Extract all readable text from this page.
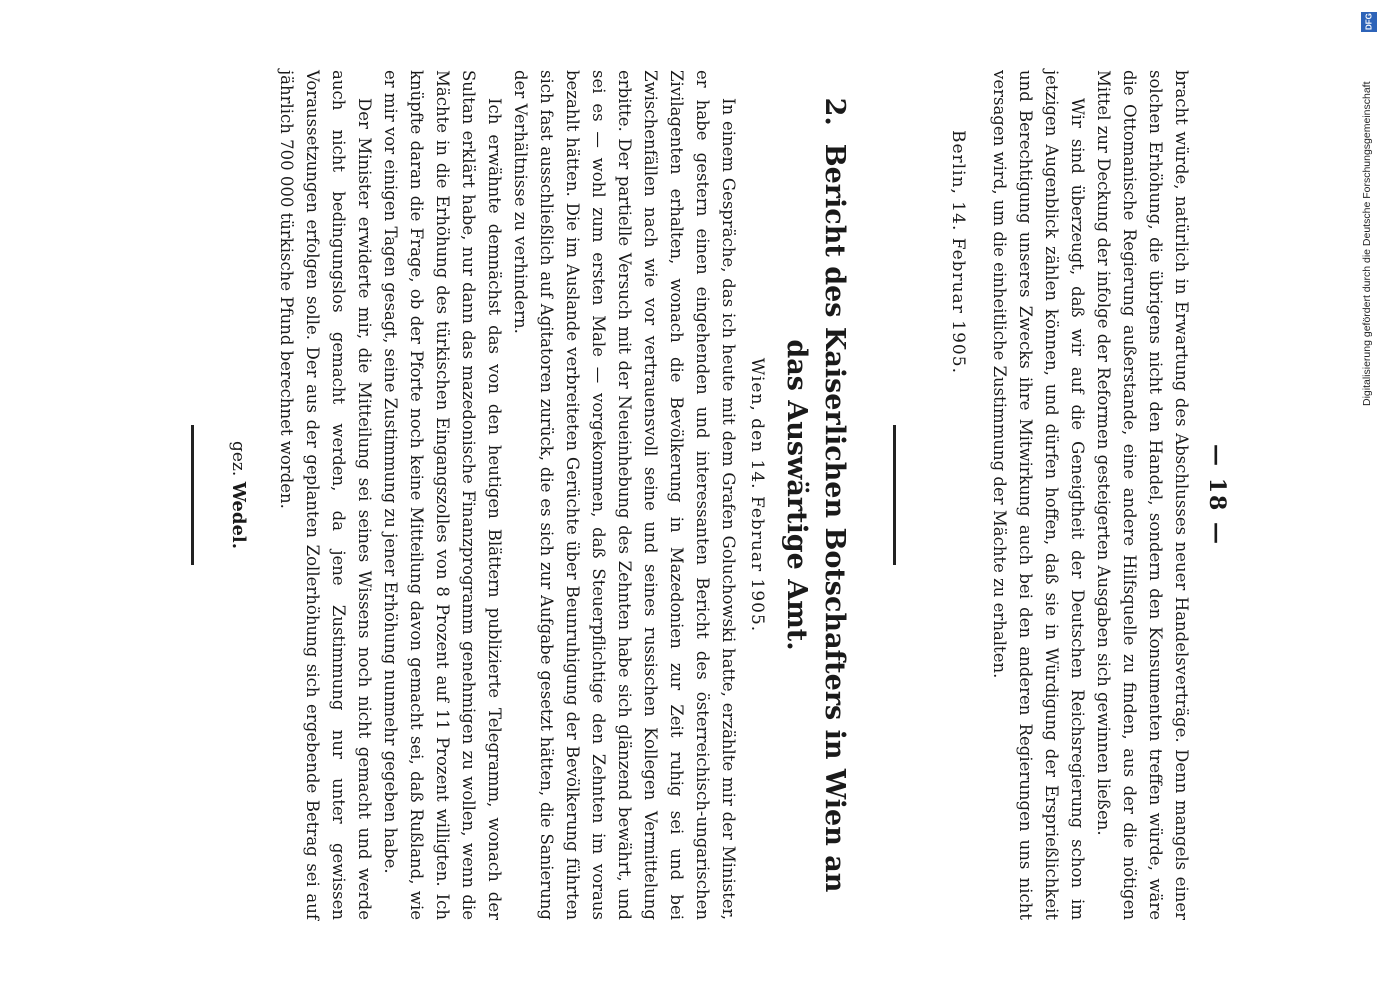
— 18 —

bracht würde, natürlich in Erwartung des Abschlusses neuer Handelsverträge. Denn mangels einer solchen Erhöhung, die übrigens nicht den Handel, sondern den Konsumenten treffen würde, wäre die Ottomanische Regierung außerstande, eine andere Hilfsquelle zu finden, aus der die nötigen Mittel zur Deckung der infolge der Reformen gesteigerten Ausgaben sich gewinnen ließen.

Wir sind überzeugt, daß wir auf die Geneigtheit der Deutschen Reichsregierung schon im jetzigen Augenblick zählen können, und dürfen hoffen, daß sie in Würdigung der Ersprießlichkeit und Berechtigung unseres Zwecks ihre Mitwirkung auch bei den anderen Regierungen uns nicht versagen wird, um die einheitliche Zustimmung der Mächte zu erhalten.

Berlin, 14. Februar 1905.
2.Bericht des Kaiserlichen Botschafters in Wien an das Auswärtige Amt.
Wien, den 14. Februar 1905.

In einem Gespräche, das ich heute mit dem Grafen Goluchowski hatte, erzählte mir der Minister, er habe gestern einen eingehenden und interessanten Bericht des österreichisch-ungarischen Zivilagenten erhalten, wonach die Bevölkerung in Mazedonien zur Zeit ruhig sei und bei Zwischenfällen nach wie vor vertrauensvoll seine und seines russischen Kollegen Vermittelung erbitte. Der partielle Versuch mit der Neueinhebung des Zehnten habe sich glänzend bewährt, und sei es — wohl zum ersten Male — vorgekommen, daß Steuerpflichtige den Zehnten im voraus bezahlt hätten. Die im Auslande verbreiteten Gerüchte über Beunruhigung der Bevölkerung führten sich fast ausschließlich auf Agitatoren zurück, die es sich zur Aufgabe gesetzt hätten, die Sanierung der Verhältnisse zu verhindern.

Ich erwähnte demnächst das von den heutigen Blättern publizierte Telegramm, wonach der Sultan erklärt habe, nur dann das mazedonische Finanzprogramm genehmigen zu wollen, wenn die Mächte in die Erhöhung des türkischen Eingangszolles von 8 Prozent auf 11 Prozent willigten. Ich knüpfte daran die Frage, ob der Pforte noch keine Mitteilung davon gemacht sei, daß Rußland, wie er mir vor einigen Tagen gesagt, seine Zustimmung zu jener Erhöhung nunmehr gegeben habe.

Der Minister erwiderte mir, die Mitteilung sei seines Wissens noch nicht gemacht und werde auch nicht bedingungslos gemacht werden, da jene Zustimmung nur unter gewissen Voraussetzungen erfolgen solle. Der aus der geplanten Zollerhöhung sich ergebende Betrag sei auf jährlich 700 000 türkische Pfund berechnet worden.

gez. Wedel.
DFG
Digitalisierung gefördert durch die Deutsche Forschungsgemeinschaft
